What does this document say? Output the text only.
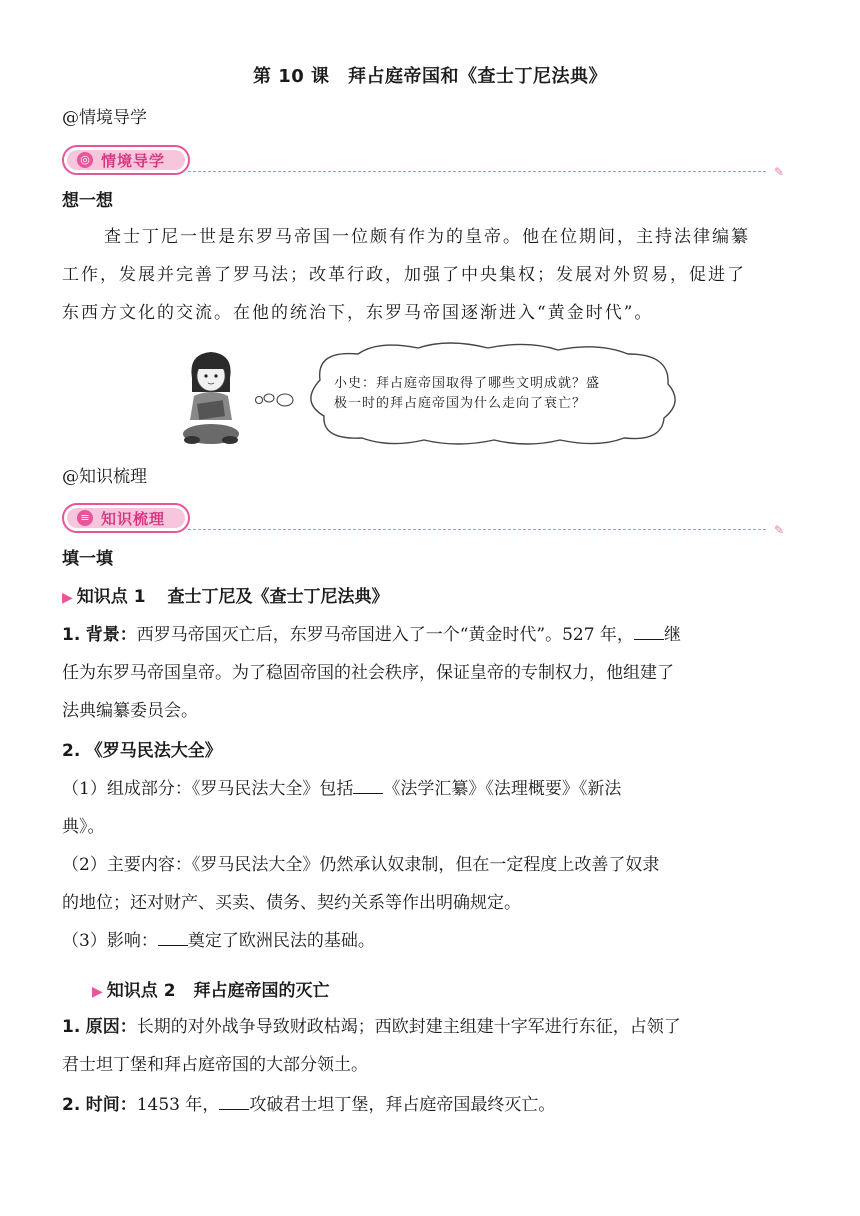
第 10 课　拜占庭帝国和《查士丁尼法典》
@情境导学
◎ 情境导学
✎
想一想
查士丁尼一世是东罗马帝国一位颇有作为的皇帝。他在位期间，主持法律编纂
工作，发展并完善了罗马法；改革行政，加强了中央集权；发展对外贸易，促进了
东西方文化的交流。在他的统治下，东罗马帝国逐渐进入“黄金时代”。
小史：拜占庭帝国取得了哪些文明成就？盛
极一时的拜占庭帝国为什么走向了衰亡？
@知识梳理
≡ 知识梳理
✎
填一填
▶ 知识点 1 查士丁尼及《查士丁尼法典》
1. 背景：西罗马帝国灭亡后，东罗马帝国进入了一个“黄金时代”。527 年， 继
任为东罗马帝国皇帝。为了稳固帝国的社会秩序，保证皇帝的专制权力，他组建了
法典编纂委员会。
2. 《罗马民法大全》
（1）组成部分：《罗马民法大全》包括 《法学汇纂》《法理概要》《新法
典》。
（2）主要内容：《罗马民法大全》仍然承认奴隶制，但在一定程度上改善了奴隶
的地位；还对财产、买卖、债务、契约关系等作出明确规定。
（3）影响： 奠定了欧洲民法的基础。
▶ 知识点 2 拜占庭帝国的灭亡
1. 原因：长期的对外战争导致财政枯竭；西欧封建主组建十字军进行东征，占领了
君士坦丁堡和拜占庭帝国的大部分领土。
2. 时间：1453 年， 攻破君士坦丁堡，拜占庭帝国最终灭亡。
